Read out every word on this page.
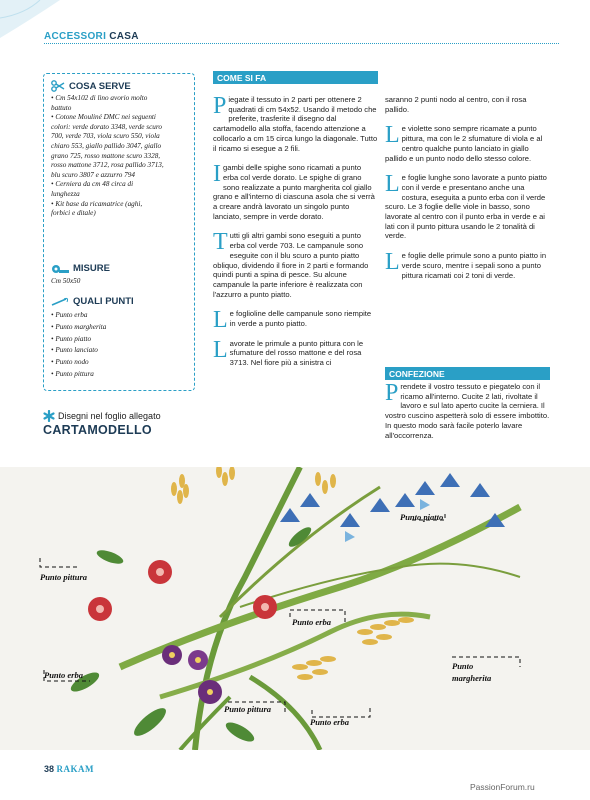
ACCESSORI CASA
COSA SERVE
• Cm 54x102 di lino avorio molto
battuto
• Cotone Mouliné DMC nei seguenti
colori: verde dorato 3348, verde scuro
700, verde 703, viola scuro 550, viola
chiaro 553, giallo pallido 3047, giallo
grano 725, rosso mattone scuro 3328,
rosso mattone 3712, rosa pallido 3713,
blu scuro 3807 e azzurro 794
• Cerniera da cm 48 circa di
lunghezza
• Kit base da ricamatrice (aghi,
forbici e ditale)
MISURE
Cm 50x50
QUALI PUNTI
• Punto erba
• Punto margherita
• Punto piatto
• Punto lanciato
• Punto nodo
• Punto pittura
Disegni nel foglio allegato
CARTAMODELLO
COME SI FA
Piegate il tessuto in 2 parti per ottenere 2 quadrati di cm 54x52. Usando il metodo che preferite, trasferite il disegno dal cartamodello alla stoffa, facendo attenzione a collocarlo a cm 15 circa lungo la diagonale. Tutto il ricamo si esegue a 2 fili.
I gambi delle spighe sono ricamati a punto erba col verde dorato. Le spighe di grano sono realizzate a punto margherita col giallo grano e all'interno di ciascuna asola che si verrà a creare andrà lavorato un singolo punto lanciato, sempre in verde dorato.
Tutti gli altri gambi sono eseguiti a punto erba col verde 703. Le campanule sono eseguite con il blu scuro a punto piatto obliquo, dividendo il fiore in 2 parti e formando quindi punti a spina di pesce. Su alcune campanule la parte inferiore è realizzata con l'azzurro a punto piatto.
Le foglioline delle campanule sono riempite in verde a punto piatto.
Lavorate le primule a punto pittura con le sfumature del rosso mattone e del rosa 3713. Nel fiore più a sinistra ci
saranno 2 punti nodo al centro, con il rosa pallido.
Le violette sono sempre ricamate a punto pittura, ma con le 2 sfumature di viola e al centro qualche punto lanciato in giallo pallido e un punto nodo dello stesso colore.
Le foglie lunghe sono lavorate a punto piatto con il verde e presentano anche una costura, eseguita a punto erba con il verde scuro. Le 3 foglie delle viole in basso, sono lavorate al centro con il punto erba in verde e ai lati con il punto pittura usando le 2 tonalità di verde.
Le foglie delle primule sono a punto piatto in verde scuro, mentre i sepali sono a punto pittura ricamati coi 2 toni di verde.
CONFEZIONE
Prendete il vostro tessuto e piegatelo con il ricamo all'interno. Cucite 2 lati, rivoltate il lavoro e sul lato aperto cucite la cerniera. Il vostro cuscino aspetterà solo di essere imbottito. In questo modo sarà facile poterlo lavare all'occorrenza.
Punto piatto
Punto pittura
Punto erba
Punto margherita
Punto erba
Punto pittura
Punto erba
38 RAKAM
PassionForum.ru
